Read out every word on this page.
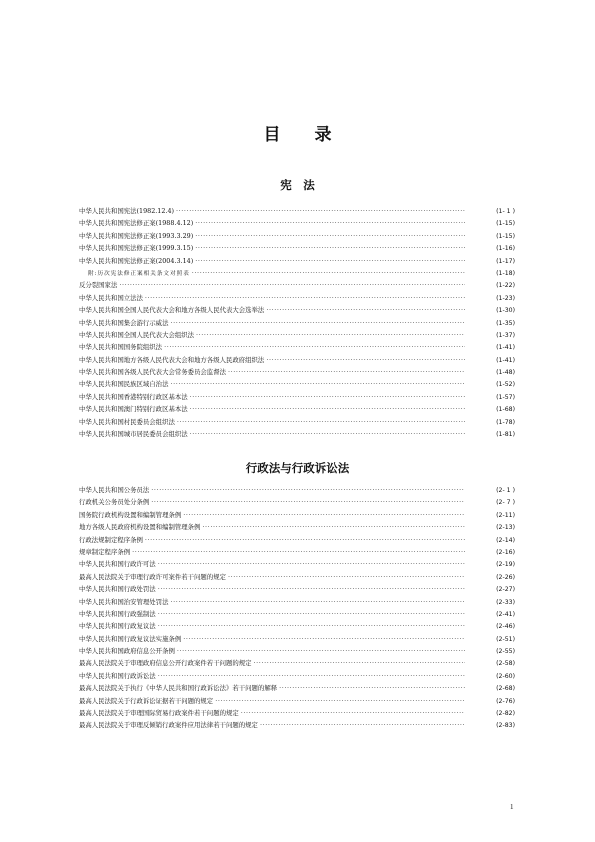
目 录
宪　法
中华人民共和国宪法(1982.12.4) ·····	(1- 1 )
中华人民共和国宪法修正案(1988.4.12) ·····	(1-15)
中华人民共和国宪法修正案(1993.3.29) ·····	(1-15)
中华人民共和国宪法修正案(1999.3.15) ·····	(1-16)
中华人民共和国宪法修正案(2004.3.14) ·····	(1-17)
附:历次宪法修正案相关条文对照表 ·····	(1-18)
反分裂国家法 ·····	(1-22)
中华人民共和国立法法 ·····	(1-23)
中华人民共和国全国人民代表大会和地方各级人民代表大会选举法 ·····	(1-30)
中华人民共和国集会游行示威法 ·····	(1-35)
中华人民共和国全国人民代表大会组织法 ·····	(1-37)
中华人民共和国国务院组织法 ·····	(1-41)
中华人民共和国地方各级人民代表大会和地方各级人民政府组织法 ·····	(1-41)
中华人民共和国各级人民代表大会常务委员会监督法 ·····	(1-48)
中华人民共和国民族区域自治法 ·····	(1-52)
中华人民共和国香港特别行政区基本法 ·····	(1-57)
中华人民共和国澳门特别行政区基本法 ·····	(1-68)
中华人民共和国村民委员会组织法 ·····	(1-78)
中华人民共和国城市居民委员会组织法 ·····	(1-81)
行政法与行政诉讼法
中华人民共和国公务员法 ·····	(2- 1 )
行政机关公务员处分条例 ·····	(2- 7 )
国务院行政机构设置和编制管理条例 ·····	(2-11)
地方各级人民政府机构设置和编制管理条例 ·····	(2-13)
行政法规制定程序条例 ·····	(2-14)
规章制定程序条例 ·····	(2-16)
中华人民共和国行政许可法 ·····	(2-19)
最高人民法院关于审理行政许可案件若干问题的规定 ·····	(2-26)
中华人民共和国行政处罚法 ·····	(2-27)
中华人民共和国治安管理处罚法 ·····	(2-33)
中华人民共和国行政强制法 ·····	(2-41)
中华人民共和国行政复议法 ·····	(2-46)
中华人民共和国行政复议法实施条例 ·····	(2-51)
中华人民共和国政府信息公开条例 ·····	(2-55)
最高人民法院关于审理政府信息公开行政案件若干问题的规定 ·····	(2-58)
中华人民共和国行政诉讼法 ·····	(2-60)
最高人民法院关于执行《中华人民共和国行政诉讼法》若干问题的解释 ·····	(2-68)
最高人民法院关于行政诉讼证据若干问题的规定 ·····	(2-76)
最高人民法院关于审理国际贸易行政案件若干问题的规定 ·····	(2-82)
最高人民法院关于审理反倾销行政案件应用法律若干问题的规定 ·····	(2-83)
1
